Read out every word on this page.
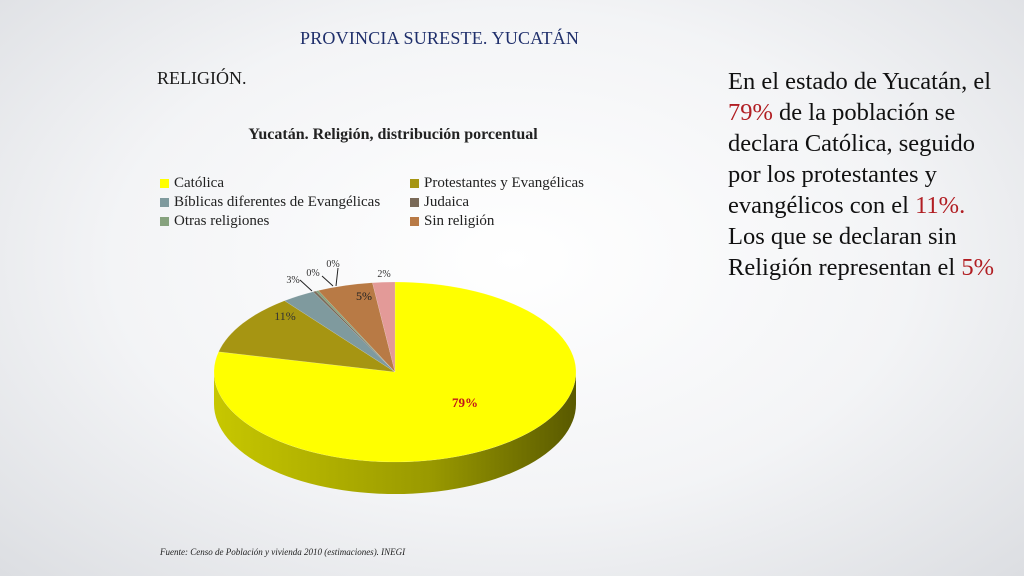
PROVINCIA SURESTE. YUCATÁN
RELIGIÓN.
Yucatán. Religión, distribución porcentual
Católica	Protestantes y Evangélicas
Bíblicas diferentes de Evangélicas	Judaica
Otras religiones	Sin religión
79%
11%
3%
0%
0%
5%
2%
En el estado de Yucatán, el 79% de la población se declara Católica, seguido por los protestantes y evangélicos con el 11%. Los que se declaran sin Religión representan el 5%
Fuente: Censo de Población y vivienda 2010 (estimaciones). INEGI
